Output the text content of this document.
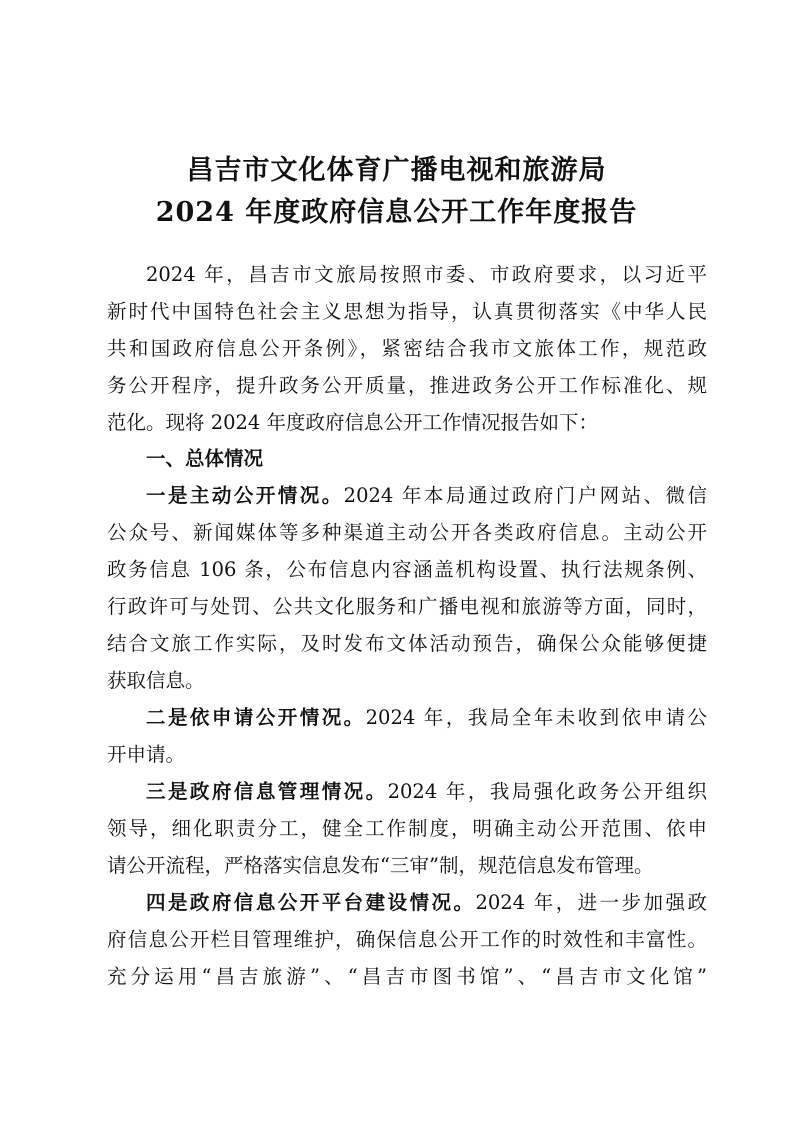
昌吉市文化体育广播电视和旅游局
2024 年度政府信息公开工作年度报告

2024 年，昌吉市文旅局按照市委、市政府要求，以习近平

新时代中国特色社会主义思想为指导，认真贯彻落实《中华人民

共和国政府信息公开条例》，紧密结合我市文旅体工作，规范政

务公开程序，提升政务公开质量，推进政务公开工作标准化、规

范化。现将 2024 年度政府信息公开工作情况报告如下：

一、总体情况

一是主动公开情况。2024 年本局通过政府门户网站、微信

公众号、新闻媒体等多种渠道主动公开各类政府信息。主动公开

政务信息 106 条，公布信息内容涵盖机构设置、执行法规条例、

行政许可与处罚、公共文化服务和广播电视和旅游等方面，同时，

结合文旅工作实际，及时发布文体活动预告，确保公众能够便捷

获取信息。

二是依申请公开情况。2024 年，我局全年未收到依申请公

开申请。

三是政府信息管理情况。2024 年，我局强化政务公开组织

领导，细化职责分工，健全工作制度，明确主动公开范围、依申

请公开流程，严格落实信息发布“三审”制，规范信息发布管理。

四是政府信息公开平台建设情况。2024 年，进一步加强政

府信息公开栏目管理维护，确保信息公开工作的时效性和丰富性。

充分运用“昌吉旅游”、“昌吉市图书馆”、“昌吉市文化馆”
